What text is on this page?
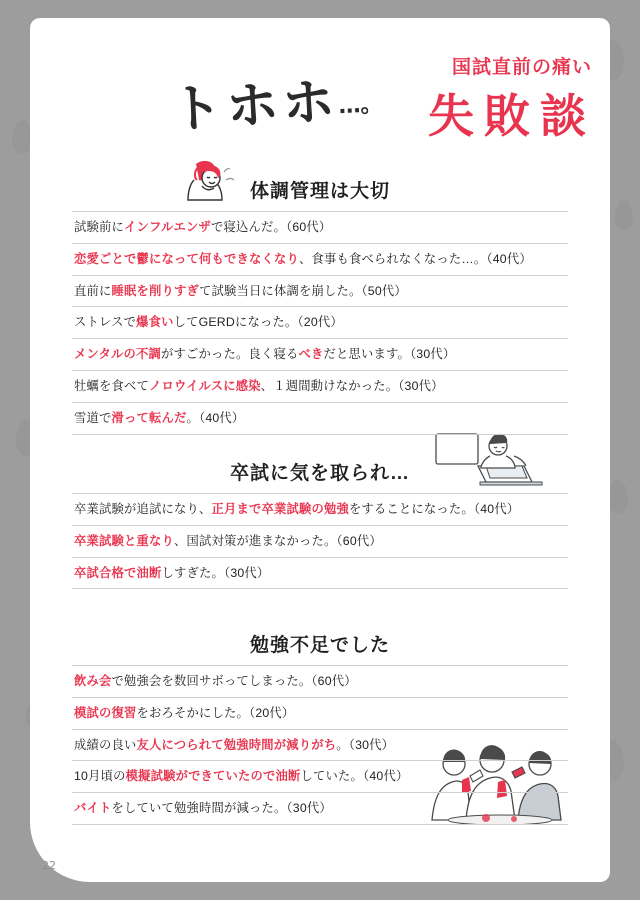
トホホ…。
国試直前の痛い
失敗談
体調管理は大切
試験前にインフルエンザで寝込んだ。（60代）
恋愛ごとで鬱になって何もできなくなり、食事も食べられなくなった…。（40代）
直前に睡眠を削りすぎて試験当日に体調を崩した。（50代）
ストレスで爆食いしてGERDになった。（20代）
メンタルの不調がすごかった。良く寝るべきだと思います。（30代）
牡蠣を食べてノロウイルスに感染、１週間動けなかった。（30代）
雪道で滑って転んだ。（40代）
卒試に気を取られ…
卒業試験が追試になり、正月まで卒業試験の勉強をすることになった。（40代）
卒業試験と重なり、国試対策が進まなかった。（60代）
卒試合格で油断しすぎた。（30代）
勉強不足でした
飲み会で勉強会を数回サボってしまった。（60代）
模試の復習をおろそかにした。（20代）
成績の良い友人につられて勉強時間が減りがち。（30代）
10月頃の模擬試験ができていたので油断していた。（40代）
バイトをしていて勉強時間が減った。（30代）
22
